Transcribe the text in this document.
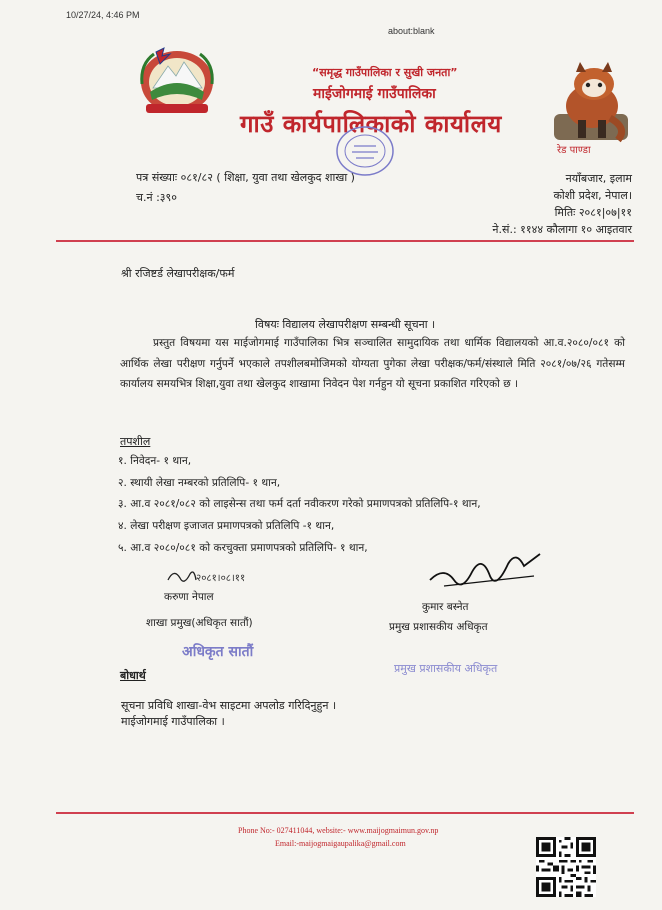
10/27/24, 4:46 PM
about:blank
“समृद्ध गाउँपालिका र सुखी जनता”
माईजोगमाई गाउँपालिका
गाउँ कार्यपालिकाको कार्यालय
रेड पाण्डा
पत्र संख्याः ०८१/८२ ( शिक्षा, युवा तथा खेलकुद शाखा )
च.नं :३९०
नयाँबजार, इलाम
कोशी प्रदेश, नेपाल।
मितिः २०८१|०७|११
ने.सं.: ११४४ कौलागा १० आइतवार
श्री रजिष्टर्ड लेखापरीक्षक/फर्म
विषयः विद्यालय लेखापरीक्षण सम्बन्धी सूचना ।
प्रस्तुत विषयमा यस माईजोगमाई गाउँपालिका भित्र सञ्चालित सामुदायिक तथा धार्मिक विद्यालयको आ.व.२०८०/०८१ को आर्थिक लेखा परीक्षण गर्नुपर्ने भएकाले तपशीलबमोजिमको योग्यता पुगेका लेखा परीक्षक/फर्म/संस्थाले मिति २०८१/०७/२६ गतेसम्म कार्यालय समयभित्र शिक्षा,युवा तथा खेलकुद शाखामा निवेदन पेश गर्नहुन यो सूचना प्रकाशित गरिएको छ ।
तपशील
१. निवेदन- १ थान,
२. स्थायी लेखा नम्बरको प्रतिलिपि- १ थान,
३. आ.व २०८१/०८२ को लाइसेन्स तथा फर्म दर्ता नवीकरण गरेको प्रमाणपत्रको प्रतिलिपि-१ थान,
४. लेखा परीक्षण इजाजत प्रमाणपत्रको प्रतिलिपि -१ थान,
५. आ.व २०८०/०८१ को करचुक्ता प्रमाणपत्रको प्रतिलिपि- १ थान,
२०८१।०८।११
करुणा नेपाल
शाखा प्रमुख(अधिकृत सातौं)
अधिकृत सातौं
कुमार बस्नेत
प्रमुख प्रशासकीय अधिकृत
प्रमुख प्रशासकीय अधिकृत
बोधार्थ
सूचना प्रविधि शाखा-वेभ साइटमा अपलोड गरिदिनुहुन ।
माईजोगमाई गाउँपालिका ।
Phone No:- 027411044, website:- www.maijogmaimun.gov.np
Email:-maijogmaigaupalika@gmail.com
